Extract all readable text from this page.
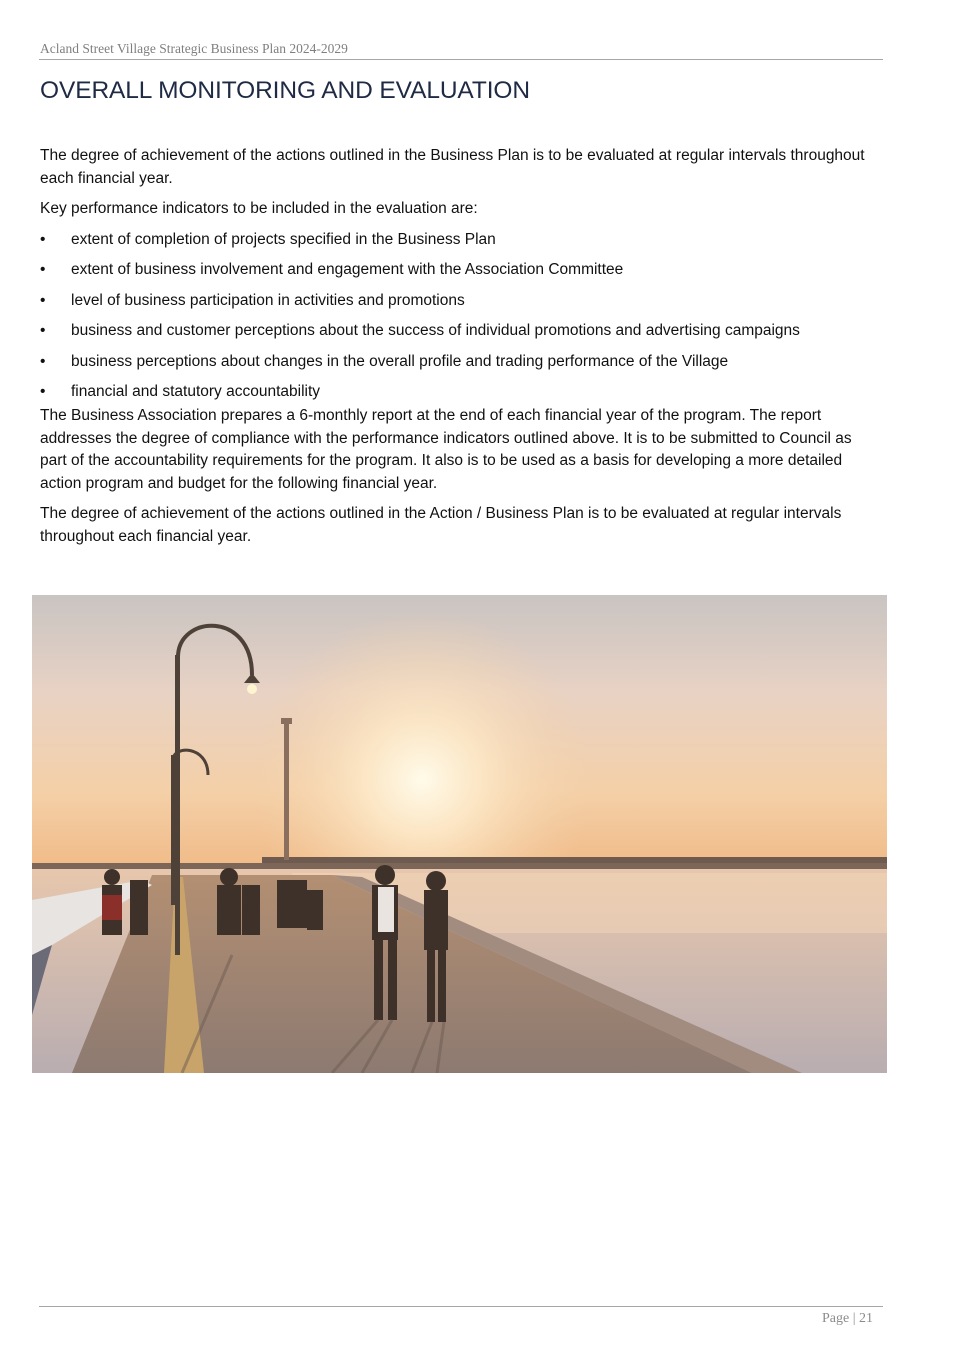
Acland Street Village Strategic Business Plan 2024-2029
OVERALL MONITORING AND EVALUATION

The degree of achievement of the actions outlined in the Business Plan is to be evaluated at regular intervals throughout each financial year.

Key performance indicators to be included in the evaluation are:

• extent of completion of projects specified in the Business Plan
• extent of business involvement and engagement with the Association Committee
• level of business participation in activities and promotions
• business and customer perceptions about the success of individual promotions and advertising campaigns
• business perceptions about changes in the overall profile and trading performance of the Village
• financial and statutory accountability

The Business Association prepares a 6-monthly report at the end of each financial year of the program. The report addresses the degree of compliance with the performance indicators outlined above. It is to be submitted to Council as part of the accountability requirements for the program. It also is to be used as a basis for developing a more detailed action program and budget for the following financial year.

The degree of achievement of the actions outlined in the Action / Business Plan is to be evaluated at regular intervals throughout each financial year.

Page | 21
